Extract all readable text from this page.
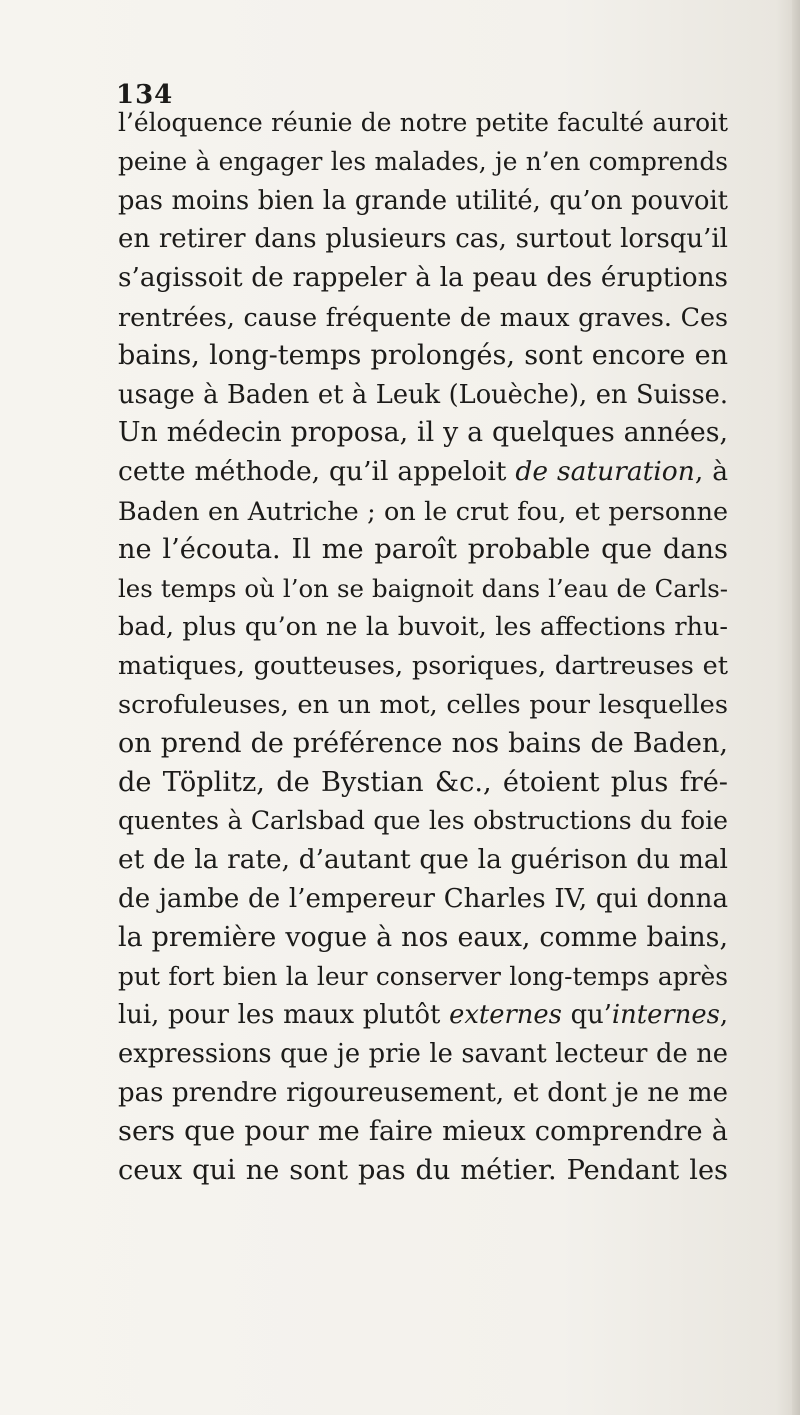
134
l’éloquence réunie de notre petite faculté auroit
peine à engager les malades, je n’en comprends
pas moins bien la grande utilité, qu’on pouvoit
en retirer dans plusieurs cas, surtout lorsqu’il
s’agissoit de rappeler à la peau des éruptions
rentrées, cause fréquente de maux graves. Ces
bains, long-temps prolongés, sont encore en
usage à Baden et à Leuk (Louèche), en Suisse.
Un médecin proposa, il y a quelques années,
cette méthode, qu’il appeloit de saturation, à
Baden en Autriche ; on le crut fou, et personne
ne l’écouta. Il me paroît probable que dans
les temps où l’on se baignoit dans l’eau de Carls-
bad, plus qu’on ne la buvoit, les affections rhu-
matiques, goutteuses, psoriques, dartreuses et
scrofuleuses, en un mot, celles pour lesquelles
on prend de préférence nos bains de Baden,
de Töplitz, de Bystian &c., étoient plus fré-
quentes à Carlsbad que les obstructions du foie
et de la rate, d’autant que la guérison du mal
de jambe de l’empereur Charles IV, qui donna
la première vogue à nos eaux, comme bains,
put fort bien la leur conserver long-temps après
lui, pour les maux plutôt externes qu’internes,
expressions que je prie le savant lecteur de ne
pas prendre rigoureusement, et dont je ne me
sers que pour me faire mieux comprendre à
ceux qui ne sont pas du métier. Pendant les
